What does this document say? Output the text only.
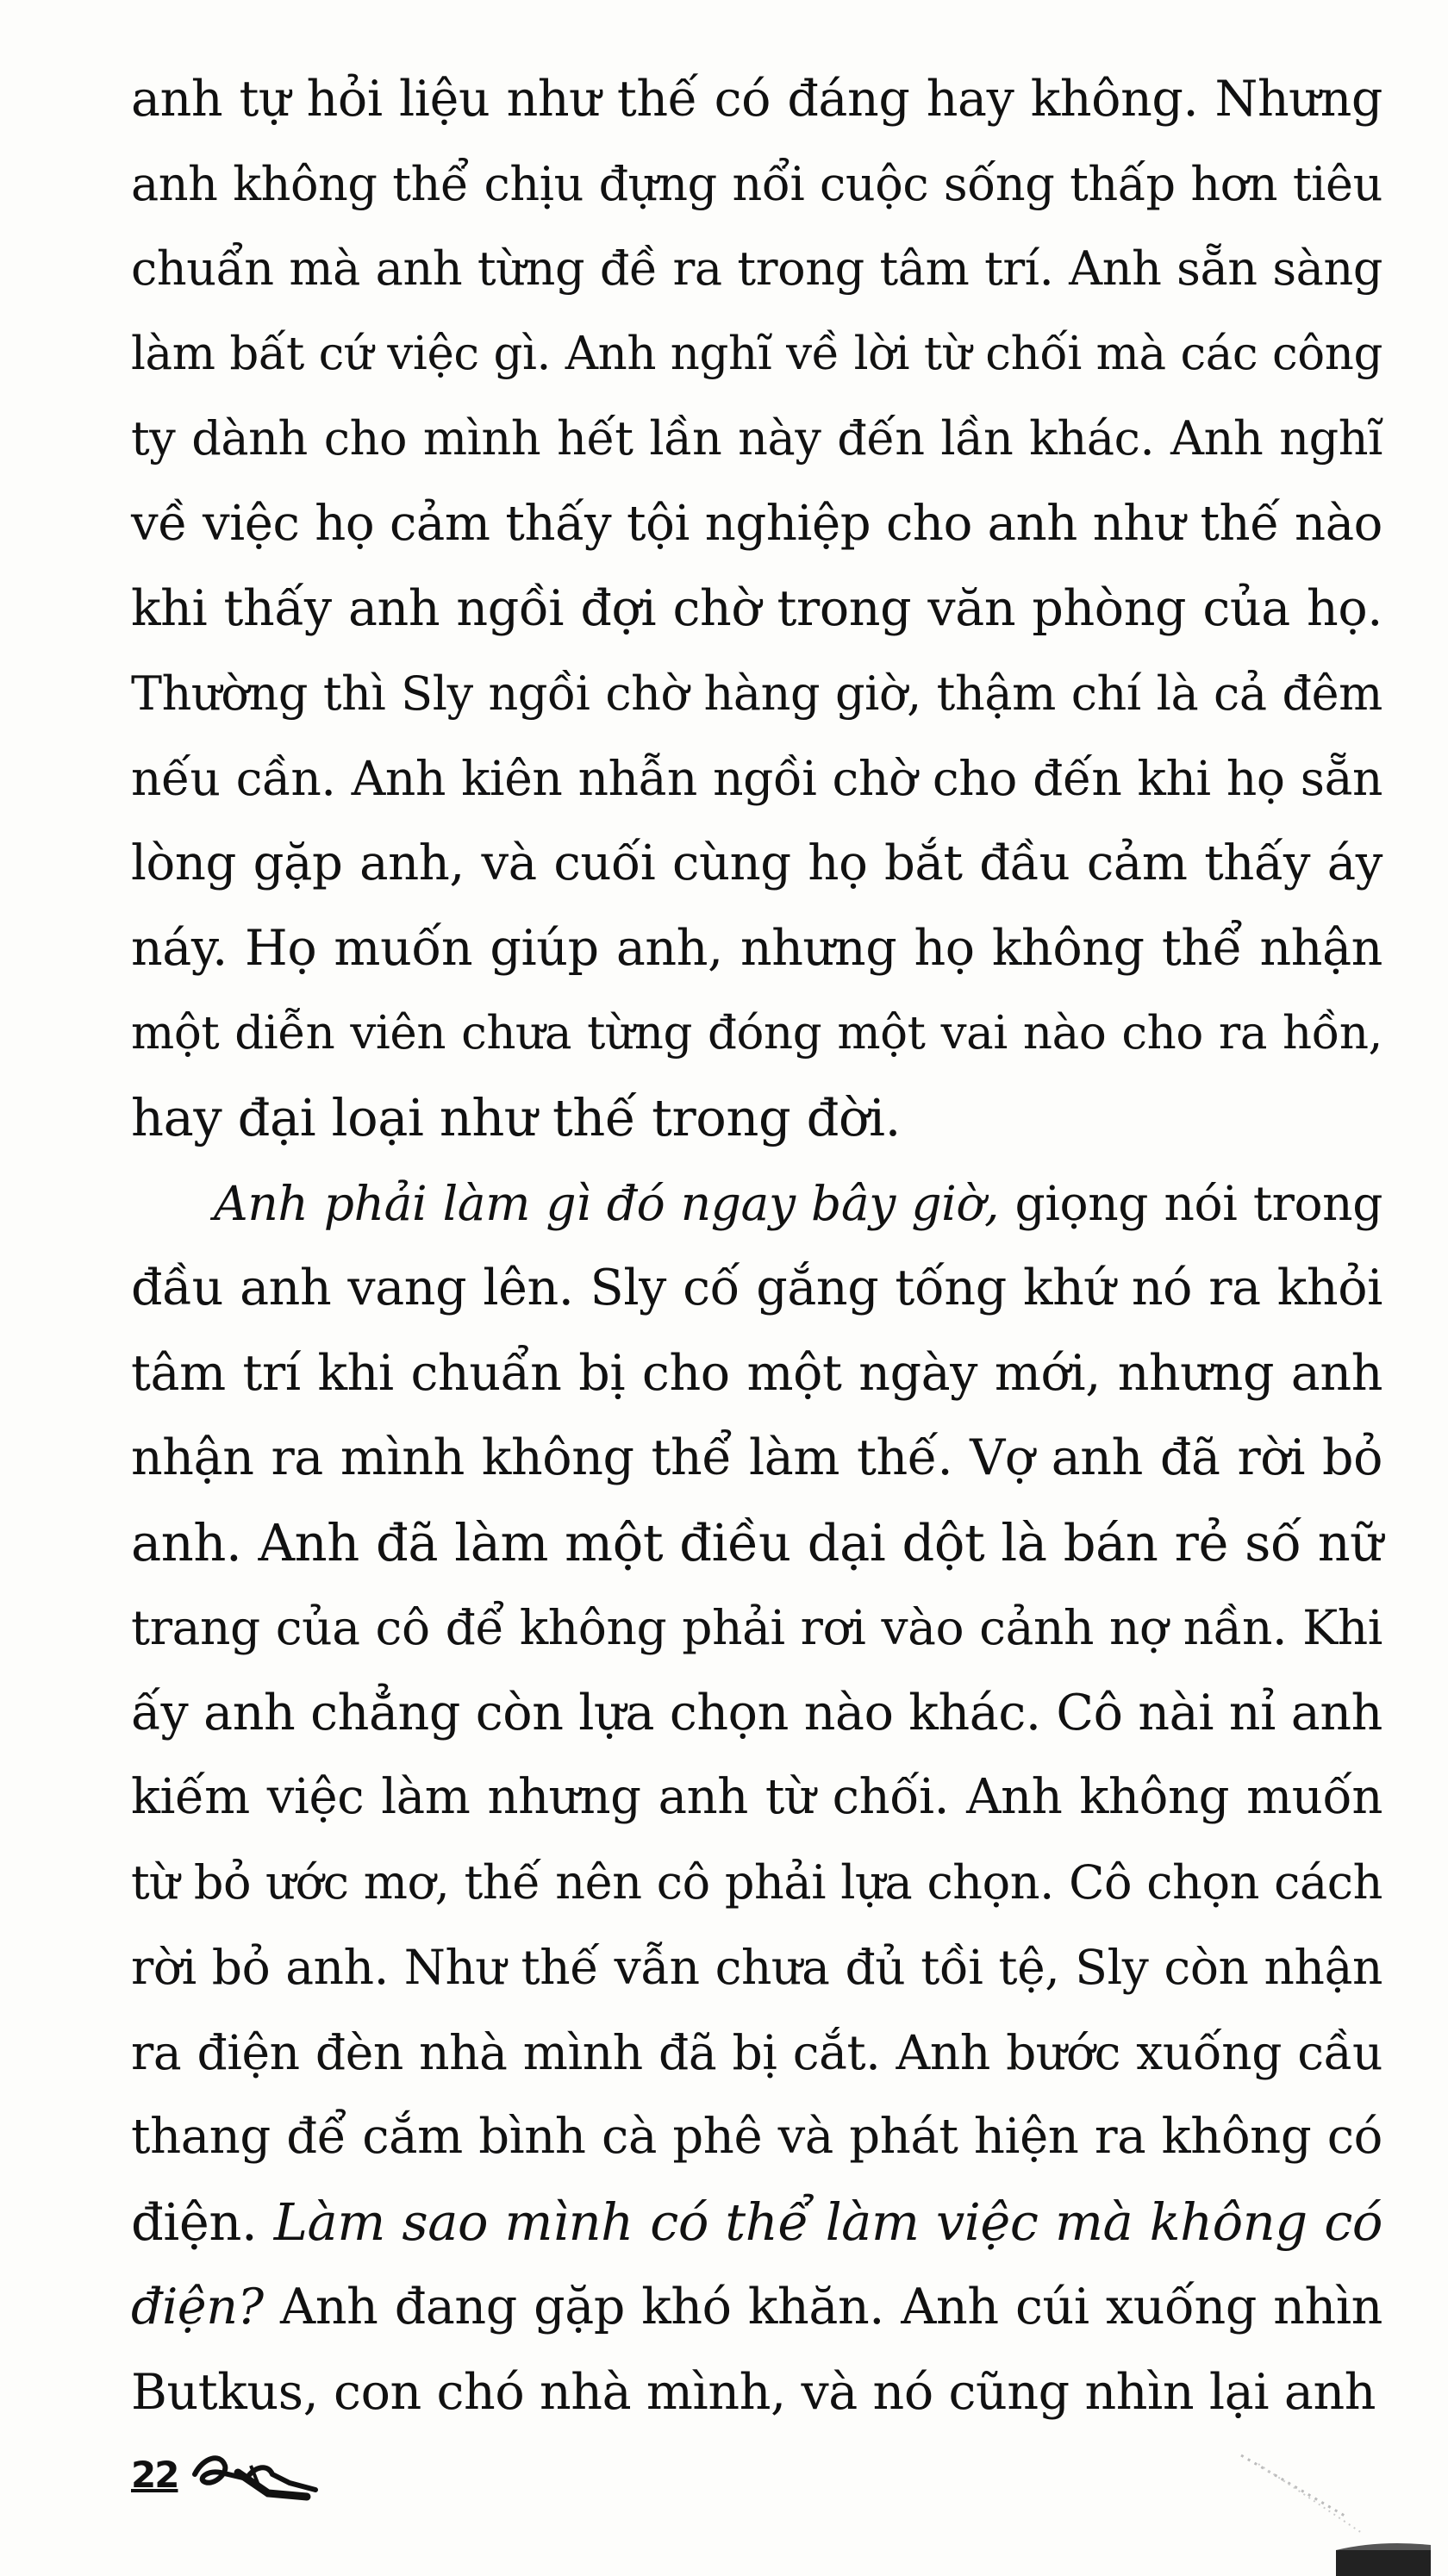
anh tự hỏi liệu như thế có đáng hay không. Nhưng
anh không thể chịu đựng nổi cuộc sống thấp hơn tiêu
chuẩn mà anh từng đề ra trong tâm trí. Anh sẵn sàng
làm bất cứ việc gì. Anh nghĩ về lời từ chối mà các công
ty dành cho mình hết lần này đến lần khác. Anh nghĩ
về việc họ cảm thấy tội nghiệp cho anh như thế nào
khi thấy anh ngồi đợi chờ trong văn phòng của họ.
Thường thì Sly ngồi chờ hàng giờ, thậm chí là cả đêm
nếu cần. Anh kiên nhẫn ngồi chờ cho đến khi họ sẵn
lòng gặp anh, và cuối cùng họ bắt đầu cảm thấy áy
náy. Họ muốn giúp anh, nhưng họ không thể nhận
một diễn viên chưa từng đóng một vai nào cho ra hồn,
hay đại loại như thế trong đời.
Anh phải làm gì đó ngay bây giờ, giọng nói trong
đầu anh vang lên. Sly cố gắng tống khứ nó ra khỏi
tâm trí khi chuẩn bị cho một ngày mới, nhưng anh
nhận ra mình không thể làm thế. Vợ anh đã rời bỏ
anh. Anh đã làm một điều dại dột là bán rẻ số nữ
trang của cô để không phải rơi vào cảnh nợ nần. Khi
ấy anh chẳng còn lựa chọn nào khác. Cô nài nỉ anh
kiếm việc làm nhưng anh từ chối. Anh không muốn
từ bỏ ước mơ, thế nên cô phải lựa chọn. Cô chọn cách
rời bỏ anh. Như thế vẫn chưa đủ tồi tệ, Sly còn nhận
ra điện đèn nhà mình đã bị cắt. Anh bước xuống cầu
thang để cắm bình cà phê và phát hiện ra không có
điện. Làm sao mình có thể làm việc mà không có
điện? Anh đang gặp khó khăn. Anh cúi xuống nhìn
Butkus, con chó nhà mình, và nó cũng nhìn lại anh
22
